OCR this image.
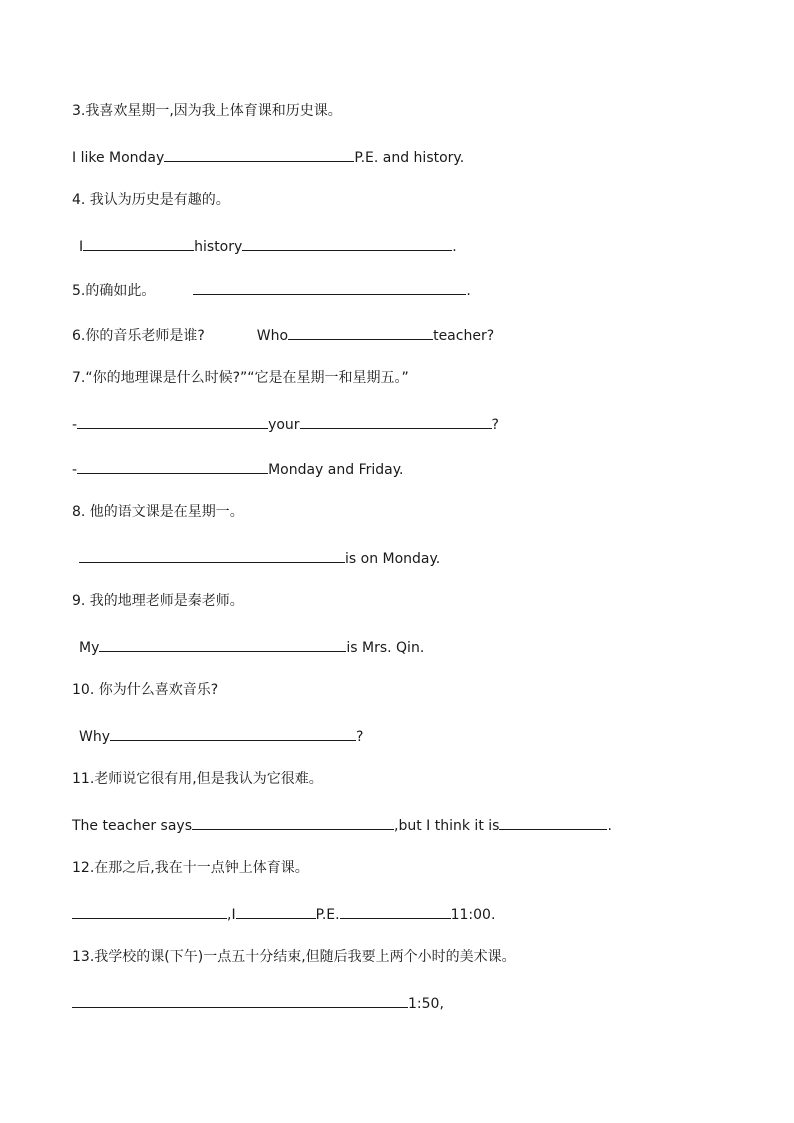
3.我喜欢星期一,因为我上体育课和历史课。
I like Monday	P.E. and history.
4. 我认为历史是有趣的。
I	history	.
5.的确如此。	.
6.你的音乐老师是谁?	Who	teacher?
7.“你的地理课是什么时候?”“它是在星期一和星期五。”
-	your	?
-	Monday and Friday.
8. 他的语文课是在星期一。
is on Monday.
9. 我的地理老师是秦老师。
My	is Mrs. Qin.
10. 你为什么喜欢音乐?
Why	?
11.老师说它很有用,但是我认为它很难。
The teacher says	,but I think it is	.
12.在那之后,我在十一点钟上体育课。
,I	P.E.	11:00.
13.我学校的课(下午)一点五十分结束,但随后我要上两个小时的美术课。
1:50,
